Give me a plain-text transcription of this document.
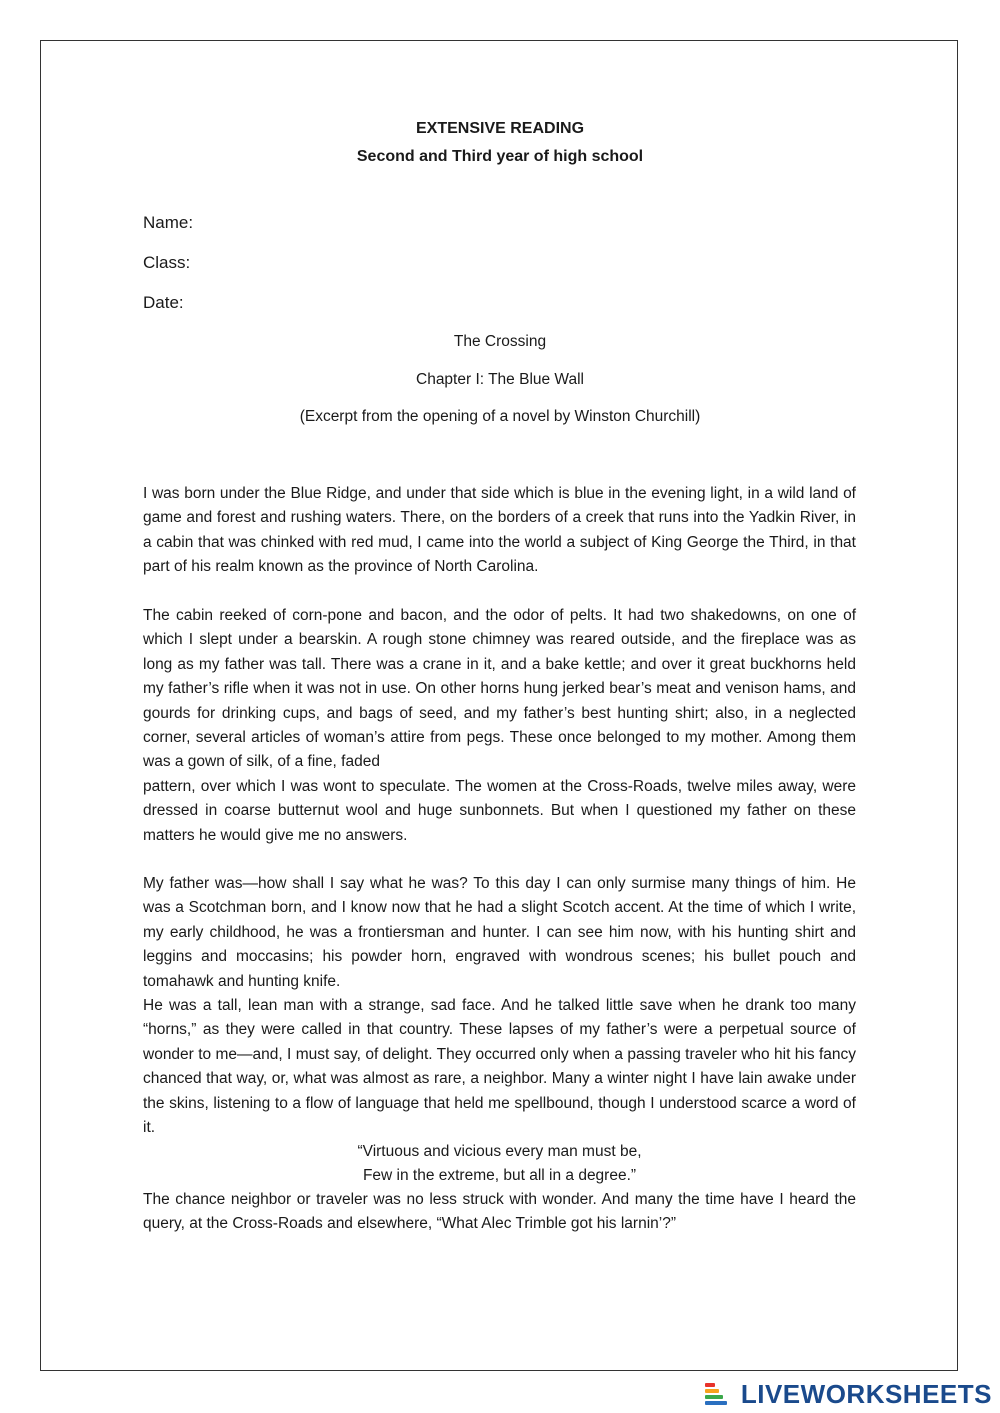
EXTENSIVE READING
Second and Third year of high school
Name:
Class:
Date:
The Crossing
Chapter I: The Blue Wall
(Excerpt from the opening of a novel by Winston Churchill)

I was born under the Blue Ridge, and under that side which is blue in the evening light, in a wild land of game and forest and rushing waters. There, on the borders of a creek that runs into the Yadkin River, in a cabin that was chinked with red mud, I came into the world a subject of King George the Third, in that part of his realm known as the province of North Carolina.

The cabin reeked of corn-pone and bacon, and the odor of pelts. It had two shakedowns, on one of which I slept under a bearskin. A rough stone chimney was reared outside, and the fireplace was as long as my father was tall. There was a crane in it, and a bake kettle; and over it great buckhorns held my father’s rifle when it was not in use. On other horns hung jerked bear’s meat and venison hams, and gourds for drinking cups, and bags of seed, and my father’s best hunting shirt; also, in a neglected corner, several articles of woman’s attire from pegs. These once belonged to my mother. Among them was a gown of silk, of a fine, faded

pattern, over which I was wont to speculate. The women at the Cross-Roads, twelve miles away, were dressed in coarse butternut wool and huge sunbonnets. But when I questioned my father on these matters he would give me no answers.

My father was—how shall I say what he was? To this day I can only surmise many things of him. He was a Scotchman born, and I know now that he had a slight Scotch accent. At the time of which I write, my early childhood, he was a frontiersman and hunter. I can see him now, with his hunting shirt and leggins and moccasins; his powder horn, engraved with wondrous scenes; his bullet pouch and tomahawk and hunting knife.

He was a tall, lean man with a strange, sad face. And he talked little save when he drank too many “horns,” as they were called in that country. These lapses of my father’s were a perpetual source of wonder to me—and, I must say, of delight. They occurred only when a passing traveler who hit his fancy chanced that way, or, what was almost as rare, a neighbor. Many a winter night I have lain awake under the skins, listening to a flow of language that held me spellbound, though I understood scarce a word of it.

“Virtuous and vicious every man must be,
Few in the extreme, but all in a degree.”

The chance neighbor or traveler was no less struck with wonder. And many the time have I heard the query, at the Cross-Roads and elsewhere, “What Alec Trimble got his larnin’?”

LIVEWORKSHEETS
